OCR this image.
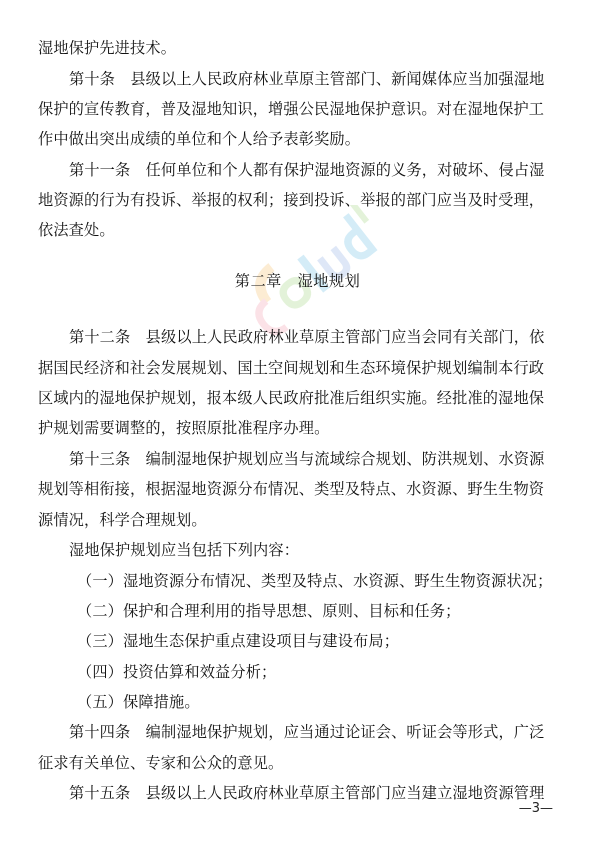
湿地保护先进技术。
第十条　县级以上人民政府林业草原主管部门、新闻媒体应当加强湿地
保护的宣传教育，普及湿地知识，增强公民湿地保护意识。对在湿地保护工
作中做出突出成绩的单位和个人给予表彰奖励。
第十一条　任何单位和个人都有保护湿地资源的义务，对破坏、侵占湿
地资源的行为有投诉、举报的权利；接到投诉、举报的部门应当及时受理，
依法查处。
第二章　湿地规划
第十二条　县级以上人民政府林业草原主管部门应当会同有关部门，依
据国民经济和社会发展规划、国土空间规划和生态环境保护规划编制本行政
区域内的湿地保护规划，报本级人民政府批准后组织实施。经批准的湿地保
护规划需要调整的，按照原批准程序办理。
第十三条　编制湿地保护规划应当与流域综合规划、防洪规划、水资源
规划等相衔接，根据湿地资源分布情况、类型及特点、水资源、野生生物资
源情况，科学合理规划。
湿地保护规划应当包括下列内容：
（一）湿地资源分布情况、类型及特点、水资源、野生生物资源状况；
（二）保护和合理利用的指导思想、原则、目标和任务；
（三）湿地生态保护重点建设项目与建设布局；
（四）投资估算和效益分析；
（五）保障措施。
第十四条　编制湿地保护规划，应当通过论证会、听证会等形式，广泛
征求有关单位、专家和公众的意见。
第十五条　县级以上人民政府林业草原主管部门应当建立湿地资源管理
—3—
